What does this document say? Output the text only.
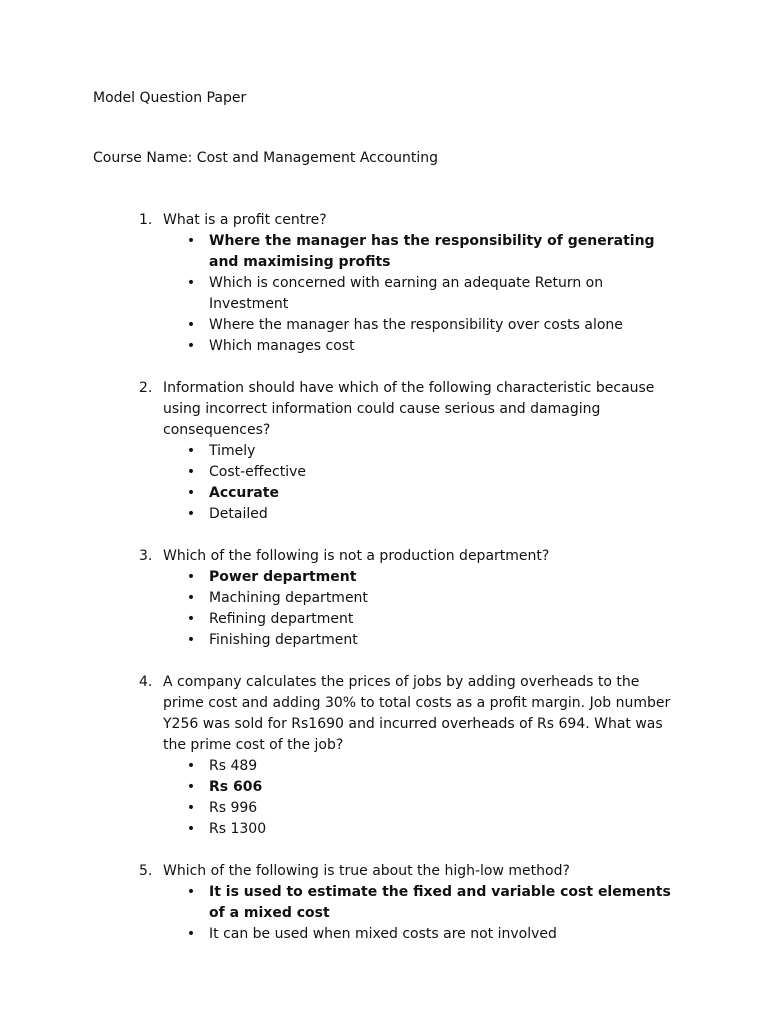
Model Question Paper
Course Name: Cost and Management Accounting
1. What is a profit centre?
• Where the manager has the responsibility of generating and maximising profits
• Which is concerned with earning an adequate Return on Investment
• Where the manager has the responsibility over costs alone
• Which manages cost
2. Information should have which of the following characteristic because using incorrect information could cause serious and damaging consequences?
• Timely
• Cost-effective
• Accurate
• Detailed
3. Which of the following is not a production department?
• Power department
• Machining department
• Refining department
• Finishing department
4. A company calculates the prices of jobs by adding overheads to the prime cost and adding 30% to total costs as a profit margin. Job number Y256 was sold for Rs1690 and incurred overheads of Rs 694. What was the prime cost of the job?
• Rs 489
• Rs 606
• Rs 996
• Rs 1300
5. Which of the following is true about the high-low method?
• It is used to estimate the fixed and variable cost elements of a mixed cost
• It can be used when mixed costs are not involved
